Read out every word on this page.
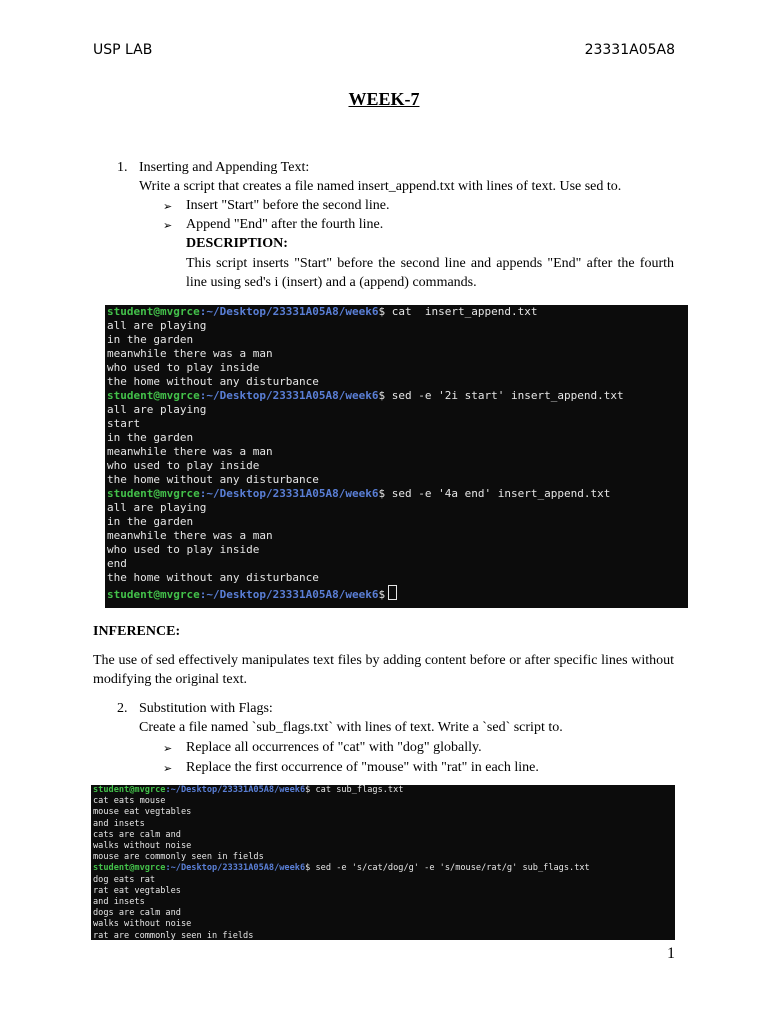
USP LAB	23331A05A8
WEEK-7
1. Inserting and Appending Text:
Write a script that creates a file named insert_append.txt with lines of text. Use sed to.
➢ Insert "Start" before the second line.
➢ Append "End" after the fourth line.
DESCRIPTION:
This script inserts "Start" before the second line and appends "End" after the fourth line using sed's i (insert) and a (append) commands.
student@mvgrce:~/Desktop/23331A05A8/week6$ cat  insert_append.txt
all are playing
in the garden
meanwhile there was a man
who used to play inside
the home without any disturbance
student@mvgrce:~/Desktop/23331A05A8/week6$ sed -e '2i start' insert_append.txt
all are playing
start
in the garden
meanwhile there was a man
who used to play inside
the home without any disturbance
student@mvgrce:~/Desktop/23331A05A8/week6$ sed -e '4a end' insert_append.txt
all are playing
in the garden
meanwhile there was a man
who used to play inside
end
the home without any disturbance
student@mvgrce:~/Desktop/23331A05A8/week6$
INFERENCE:
The use of sed effectively manipulates text files by adding content before or after specific lines without modifying the original text.
2. Substitution with Flags:
Create a file named `sub_flags.txt` with lines of text. Write a `sed` script to.
➢ Replace all occurrences of "cat" with "dog" globally.
➢ Replace the first occurrence of "mouse" with "rat" in each line.
student@mvgrce:~/Desktop/23331A05A8/week6$ cat sub_flags.txt
cat eats mouse
mouse eat vegtables
and insets
cats are calm and
walks without noise
mouse are commonly seen in fields
student@mvgrce:~/Desktop/23331A05A8/week6$ sed -e 's/cat/dog/g' -e 's/mouse/rat/g' sub_flags.txt
dog eats rat
rat eat vegtables
and insets
dogs are calm and
walks without noise
rat are commonly seen in fields
1
